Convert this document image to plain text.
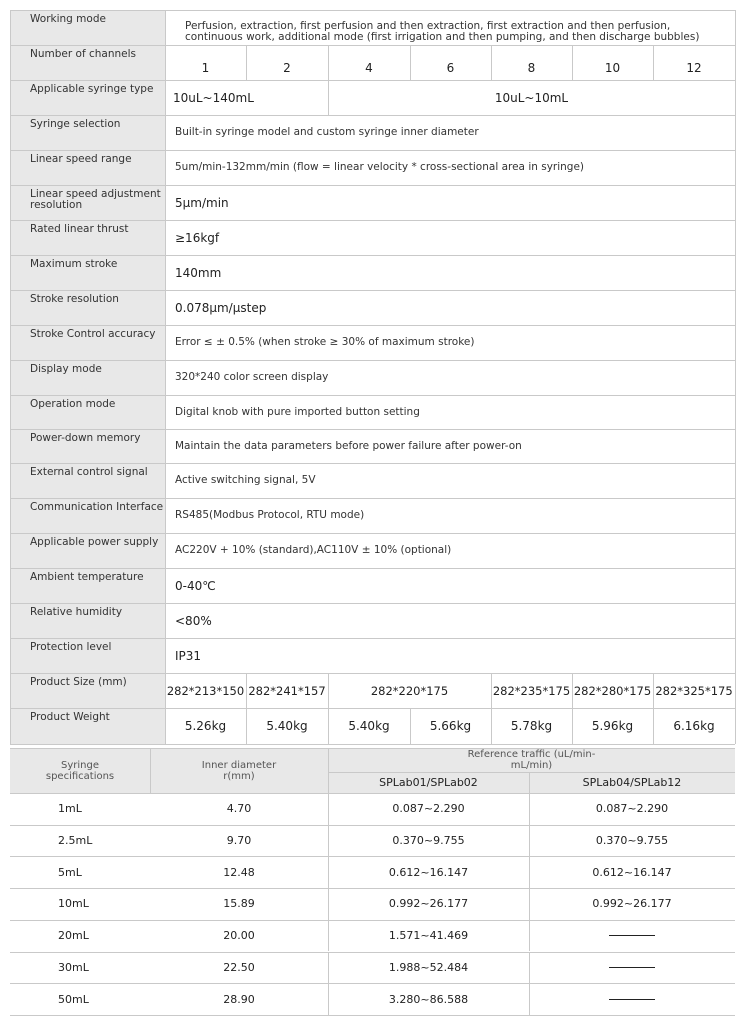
Working mode
Perfusion, extraction, first perfusion and then extraction, first extraction and then perfusion, continuous work, additional mode (first irrigation and then pumping, and then discharge bubbles)
Number of channels
1	2	4	6	8	10	12
Applicable syringe type
10uL~140mL	10uL~10mL
Syringe selection
Built-in syringe model and custom syringe inner diameter
Linear speed range
5um/min-132mm/min (flow = linear velocity * cross-sectional area in syringe)
Linear speed adjustment resolution	5μm/min
Rated linear thrust
≥16kgf
Maximum stroke
140mm
Stroke resolution
0.078μm/μstep
Stroke Control accuracy
Error ≤ ± 0.5% (when stroke ≥ 30% of maximum stroke)
Display mode
320*240 color screen display
Operation mode
Digital knob with pure imported button setting
Power-down memory
Maintain the data parameters before power failure after power-on
External control signal
Active switching signal, 5V
Communication Interface
RS485(Modbus Protocol, RTU mode)
Applicable power supply
AC220V + 10% (standard),AC110V ± 10% (optional)
Ambient temperature
0-40℃
Relative humidity
<80%
Protection level
IP31
Product Size (mm)
282*213*150 282*241*157	282*220*175	282*235*175 282*280*175 282*325*175
Product Weight
5.26kg	5.40kg	5.40kg	5.66kg	5.78kg	5.96kg	6.16kg
Syringe specifications
Inner diameter r(mm)
Reference traffic (uL/min-mL/min)
SPLab01/SPLab02	SPLab04/SPLab12
1mL	4.70	0.087~2.290	0.087~2.290
2.5mL	9.70	0.370~9.755	0.370~9.755
5mL	12.48	0.612~16.147	0.612~16.147
10mL	15.89	0.992~26.177	0.992~26.177
20mL	20.00	1.571~41.469
30mL	22.50	1.988~52.484
50mL	28.90	3.280~86.588
